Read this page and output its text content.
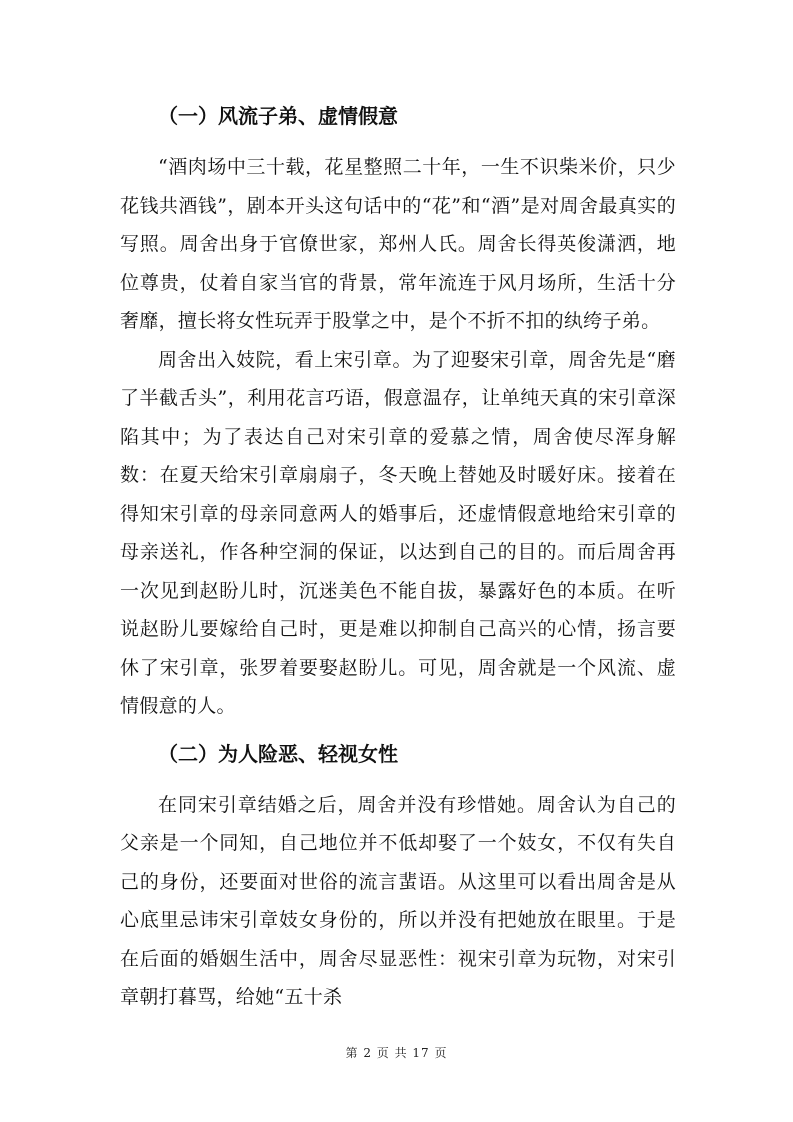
（一）风流子弟、虚情假意

“酒肉场中三十载，花星整照二十年，一生不识柴米价，只少花钱共酒钱”，剧本开头这句话中的“花”和“酒”是对周舍最真实的写照。周舍出身于官僚世家，郑州人氏。周舍长得英俊潇洒，地位尊贵，仗着自家当官的背景，常年流连于风月场所，生活十分奢靡，擅长将女性玩弄于股掌之中，是个不折不扣的纨绔子弟。

周舍出入妓院，看上宋引章。为了迎娶宋引章，周舍先是“磨了半截舌头”，利用花言巧语，假意温存，让单纯天真的宋引章深陷其中；为了表达自己对宋引章的爱慕之情，周舍使尽浑身解数：在夏天给宋引章扇扇子，冬天晚上替她及时暖好床。接着在得知宋引章的母亲同意两人的婚事后，还虚情假意地给宋引章的母亲送礼，作各种空洞的保证，以达到自己的目的。而后周舍再一次见到赵盼儿时，沉迷美色不能自拔，暴露好色的本质。在听说赵盼儿要嫁给自己时，更是难以抑制自己高兴的心情，扬言要休了宋引章，张罗着要娶赵盼儿。可见，周舍就是一个风流、虚情假意的人。

（二）为人险恶、轻视女性

在同宋引章结婚之后，周舍并没有珍惜她。周舍认为自己的父亲是一个同知，自己地位并不低却娶了一个妓女，不仅有失自己的身份，还要面对世俗的流言蜚语。从这里可以看出周舍是从心底里忌讳宋引章妓女身份的，所以并没有把她放在眼里。于是在后面的婚姻生活中，周舍尽显恶性：视宋引章为玩物，对宋引章朝打暮骂，给她“五十杀

第 2 页 共 17 页
